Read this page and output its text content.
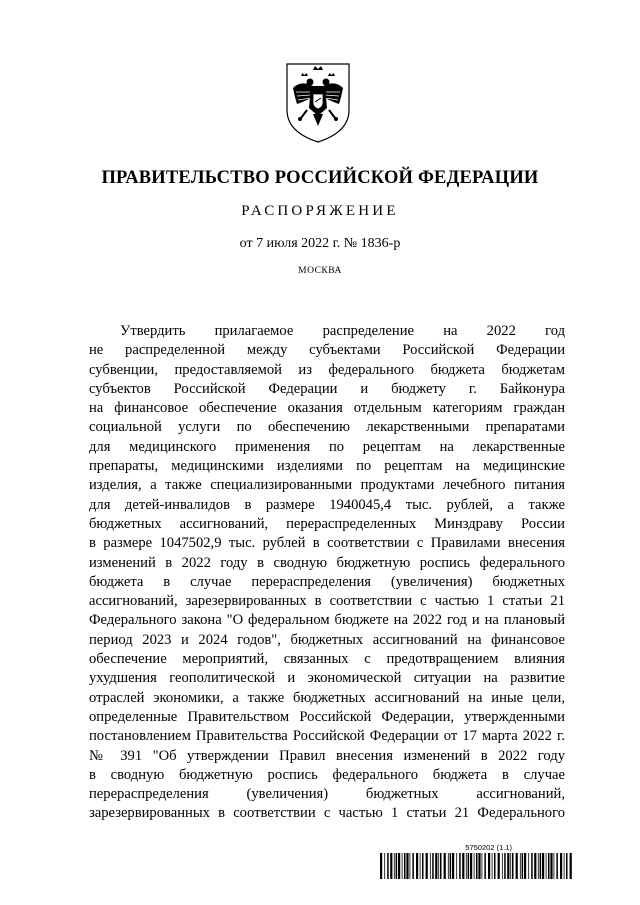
ПРАВИТЕЛЬСТВО РОССИЙСКОЙ ФЕДЕРАЦИИ
РАСПОРЯЖЕНИЕ
от 7 июля 2022 г. № 1836-р
МОСКВА
Утвердить прилагаемое распределение на 2022 год
не распределенной между субъектами Российской Федерации
субвенции, предоставляемой из федерального бюджета бюджетам
субъектов Российской Федерации и бюджету г. Байконура
на финансовое обеспечение оказания отдельным категориям граждан
социальной услуги по обеспечению лекарственными препаратами
для медицинского применения по рецептам на лекарственные
препараты, медицинскими изделиями по рецептам на медицинские
изделия, а также специализированными продуктами лечебного питания
для детей-инвалидов в размере 1940045,4 тыс. рублей, а также
бюджетных ассигнований, перераспределенных Минздраву России
в размере 1047502,9 тыс. рублей в соответствии с Правилами внесения
изменений в 2022 году в сводную бюджетную роспись федерального
бюджета в случае перераспределения (увеличения) бюджетных
ассигнований, зарезервированных в соответствии с частью 1 статьи 21
Федерального закона "О федеральном бюджете на 2022 год и на плановый
период 2023 и 2024 годов", бюджетных ассигнований на финансовое
обеспечение мероприятий, связанных с предотвращением влияния
ухудшения геополитической и экономической ситуации на развитие
отраслей экономики, а также бюджетных ассигнований на иные цели,
определенные Правительством Российской Федерации, утвержденными
постановлением Правительства Российской Федерации от 17 марта 2022 г.
№ 391 "Об утверждении Правил внесения изменений в 2022 году
в сводную бюджетную роспись федерального бюджета в случае
перераспределения (увеличения) бюджетных ассигнований,
зарезервированных в соответствии с частью 1 статьи 21 Федерального
5750202 (1.1)
